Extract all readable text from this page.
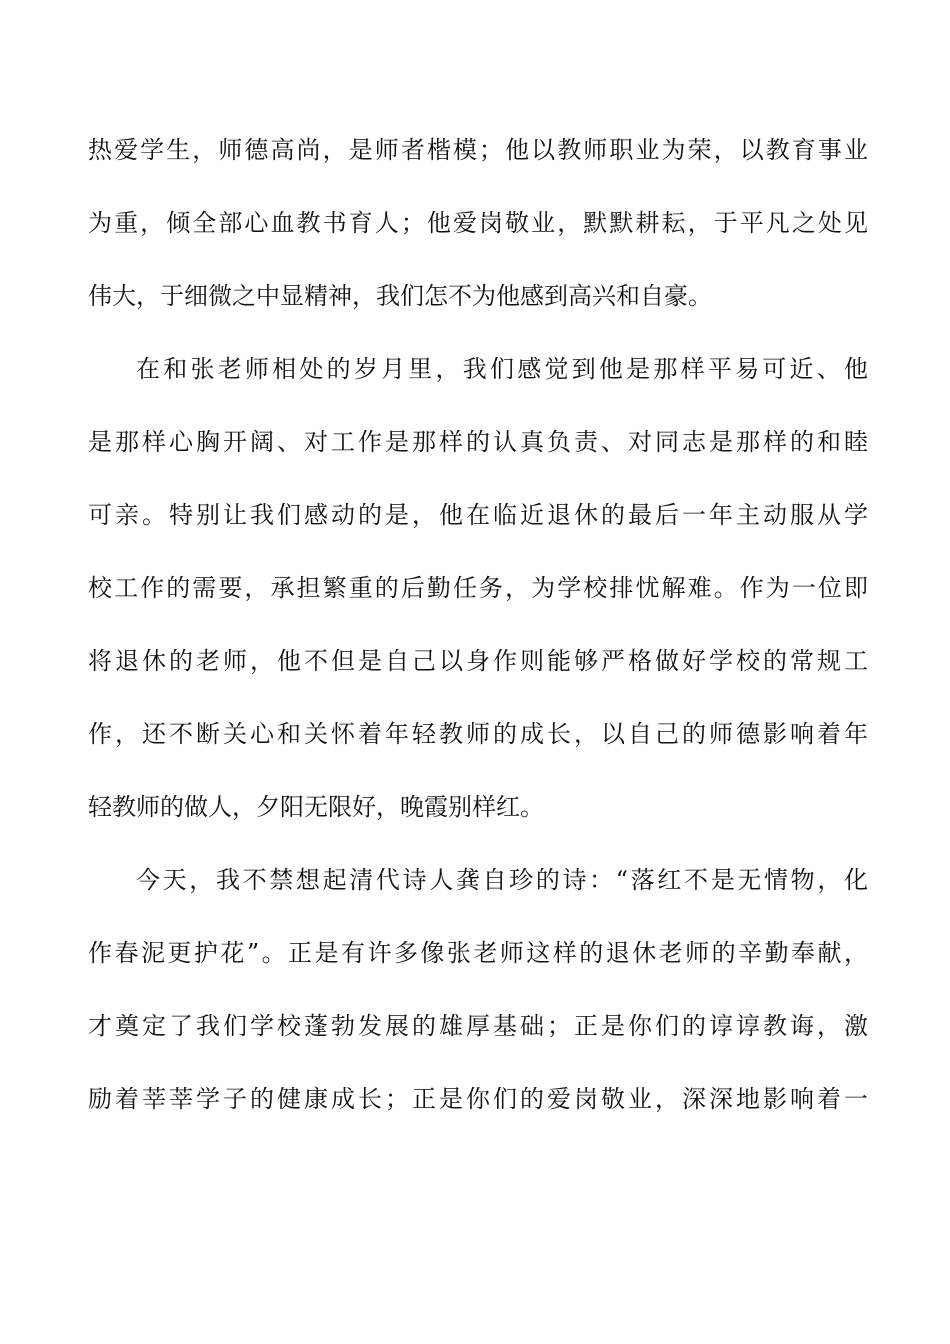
热爱学生，师德高尚，是师者楷模；他以教师职业为荣，以教育事业
为重，倾全部心血教书育人；他爱岗敬业，默默耕耘，于平凡之处见
伟大，于细微之中显精神，我们怎不为他感到高兴和自豪。
在和张老师相处的岁月里，我们感觉到他是那样平易可近、他
是那样心胸开阔、对工作是那样的认真负责、对同志是那样的和睦
可亲。特别让我们感动的是，他在临近退休的最后一年主动服从学
校工作的需要，承担繁重的后勤任务，为学校排忧解难。作为一位即
将退休的老师，他不但是自己以身作则能够严格做好学校的常规工
作，还不断关心和关怀着年轻教师的成长，以自己的师德影响着年
轻教师的做人，夕阳无限好，晚霞别样红。
今天，我不禁想起清代诗人龚自珍的诗：“落红不是无情物，化
作春泥更护花”。正是有许多像张老师这样的退休老师的辛勤奉献，
才奠定了我们学校蓬勃发展的雄厚基础；正是你们的谆谆教诲，激
励着莘莘学子的健康成长；正是你们的爱岗敬业，深深地影响着一
